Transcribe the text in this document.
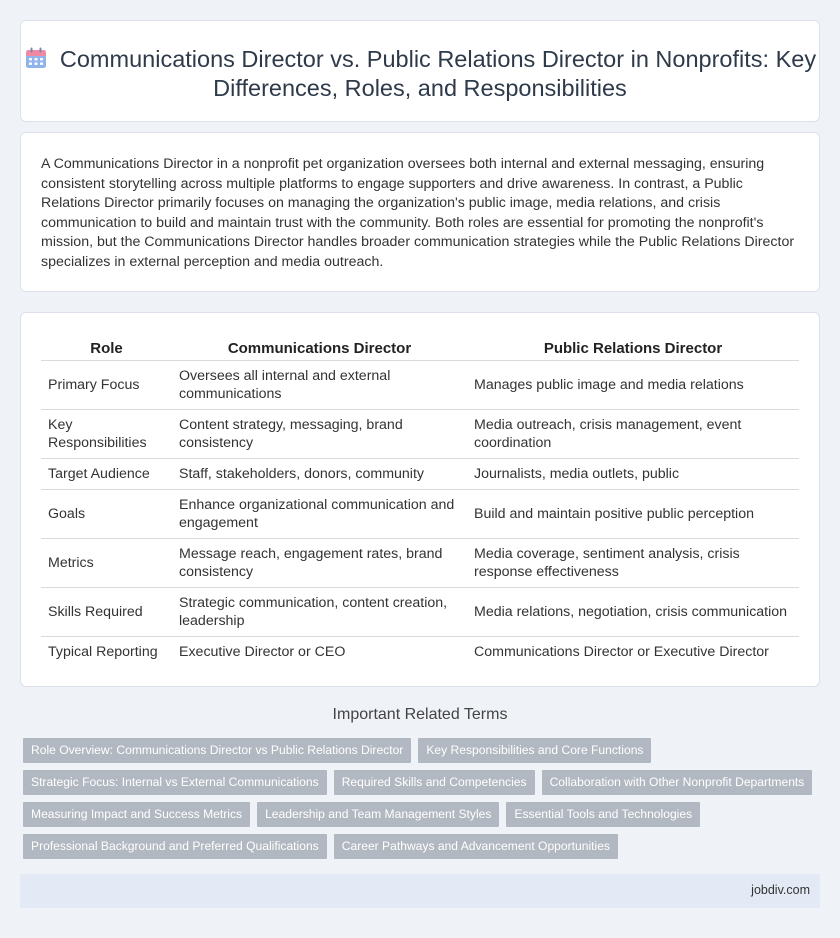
Communications Director vs. Public Relations Director in Nonprofits: Key Differences, Roles, and Responsibilities

A Communications Director in a nonprofit pet organization oversees both internal and external messaging, ensuring consistent storytelling across multiple platforms to engage supporters and drive awareness. In contrast, a Public Relations Director primarily focuses on managing the organization's public image, media relations, and crisis communication to build and maintain trust with the community. Both roles are essential for promoting the nonprofit's mission, but the Communications Director handles broader communication strategies while the Public Relations Director specializes in external perception and media outreach.

Role	Communications Director	Public Relations Director
Primary Focus	Oversees all internal and external communications	Manages public image and media relations
Key Responsibilities	Content strategy, messaging, brand consistency	Media outreach, crisis management, event coordination
Target Audience	Staff, stakeholders, donors, community	Journalists, media outlets, public
Goals	Enhance organizational communication and engagement	Build and maintain positive public perception
Metrics	Message reach, engagement rates, brand consistency	Media coverage, sentiment analysis, crisis response effectiveness
Skills Required	Strategic communication, content creation, leadership	Media relations, negotiation, crisis communication
Typical Reporting	Executive Director or CEO	Communications Director or Executive Director
Important Related Terms
Role Overview: Communications Director vs Public Relations Director	Key Responsibilities and Core Functions
Strategic Focus: Internal vs External Communications	Required Skills and Competencies	Collaboration with Other Nonprofit Departments
Measuring Impact and Success Metrics	Leadership and Team Management Styles	Essential Tools and Technologies
Professional Background and Preferred Qualifications	Career Pathways and Advancement Opportunities
jobdiv.com
